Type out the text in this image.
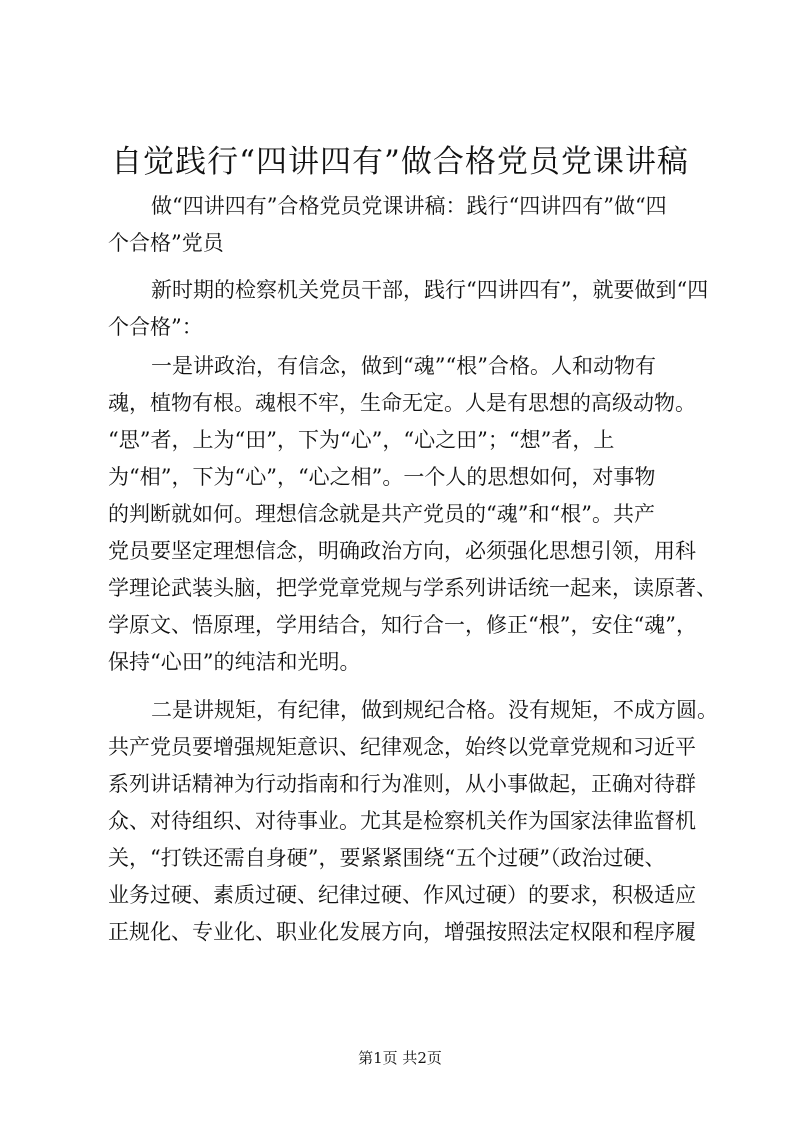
自觉践行“四讲四有”做合格党员党课讲稿
做“四讲四有”合格党员党课讲稿：践行“四讲四有”做“四
个合格”党员
新时期的检察机关党员干部，践行“四讲四有”，就要做到“四
个合格”：
一是讲政治，有信念，做到“魂”“根”合格。人和动物有
魂，植物有根。魂根不牢，生命无定。人是有思想的高级动物。
“思”者，上为“田”，下为“心”，“心之田”；“想”者，上
为“相”，下为“心”，“心之相”。一个人的思想如何，对事物
的判断就如何。理想信念就是共产党员的“魂”和“根”。共产
党员要坚定理想信念，明确政治方向，必须强化思想引领，用科
学理论武装头脑，把学党章党规与学系列讲话统一起来，读原著、
学原文、悟原理，学用结合，知行合一，修正“根”，安住“魂”，
保持“心田”的纯洁和光明。
二是讲规矩，有纪律，做到规纪合格。没有规矩，不成方圆。
共产党员要增强规矩意识、纪律观念，始终以党章党规和习近平
系列讲话精神为行动指南和行为准则，从小事做起，正确对待群
众、对待组织、对待事业。尤其是检察机关作为国家法律监督机
关，“打铁还需自身硬”，要紧紧围绕“五个过硬”（政治过硬、
业务过硬、素质过硬、纪律过硬、作风过硬）的要求，积极适应
正规化、专业化、职业化发展方向，增强按照法定权限和程序履
第1页 共2页
